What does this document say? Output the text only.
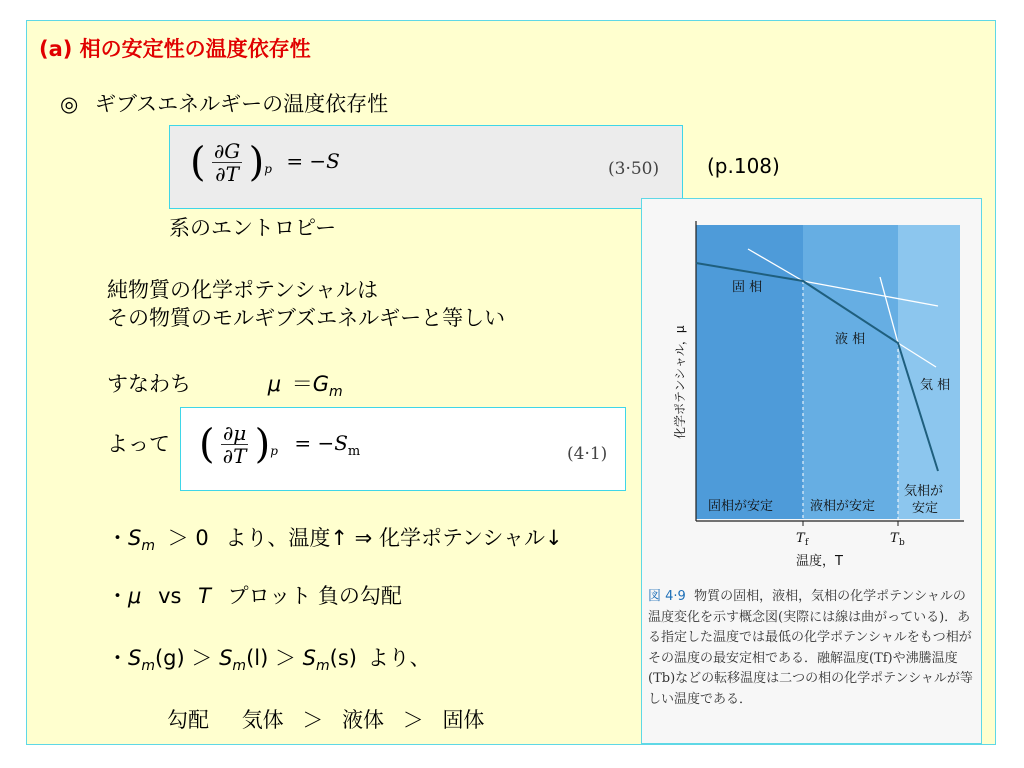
(a) 相の安定性の温度依存性
◎ ギブスエネルギーの温度依存性
( $\frac{\partial G}{\partial T} )_p = -S$	(3·50) (p.108)
系のエントロピー
純物質の化学ポテンシャルは
その物質のモルギブズエネルギーと等しい
すなわち	$\mu =G_m$
よって ( $\frac{\partial\mu}{\partial T} )_p = -S_m$	(4·1)
・$S_m > 0$ より、温度↑ ⇒ 化学ポテンシャル↓
・μ vs T プロット 負の勾配
・$S_m(g) > S_m(l) > S_m(s)$ より、
勾配 気体 ＞ 液体 ＞ 固体
固 相
液 相
気 相
固相が安定	液相が安定
気相が
安定
T f	T b
温度，T
化学ポテンシャル，μ
図 4·9 物質の固相，液相，気相の化学ポテンシャルの温度変化を示す概念図(実際には線は曲がっている)．ある指定した温度では最低の化学ポテンシャルをもつ相がその温度の最安定相である．融解温度(Tf)や沸騰温度(Tb)などの転移温度は二つの相の化学ポテンシャルが等しい温度である．
